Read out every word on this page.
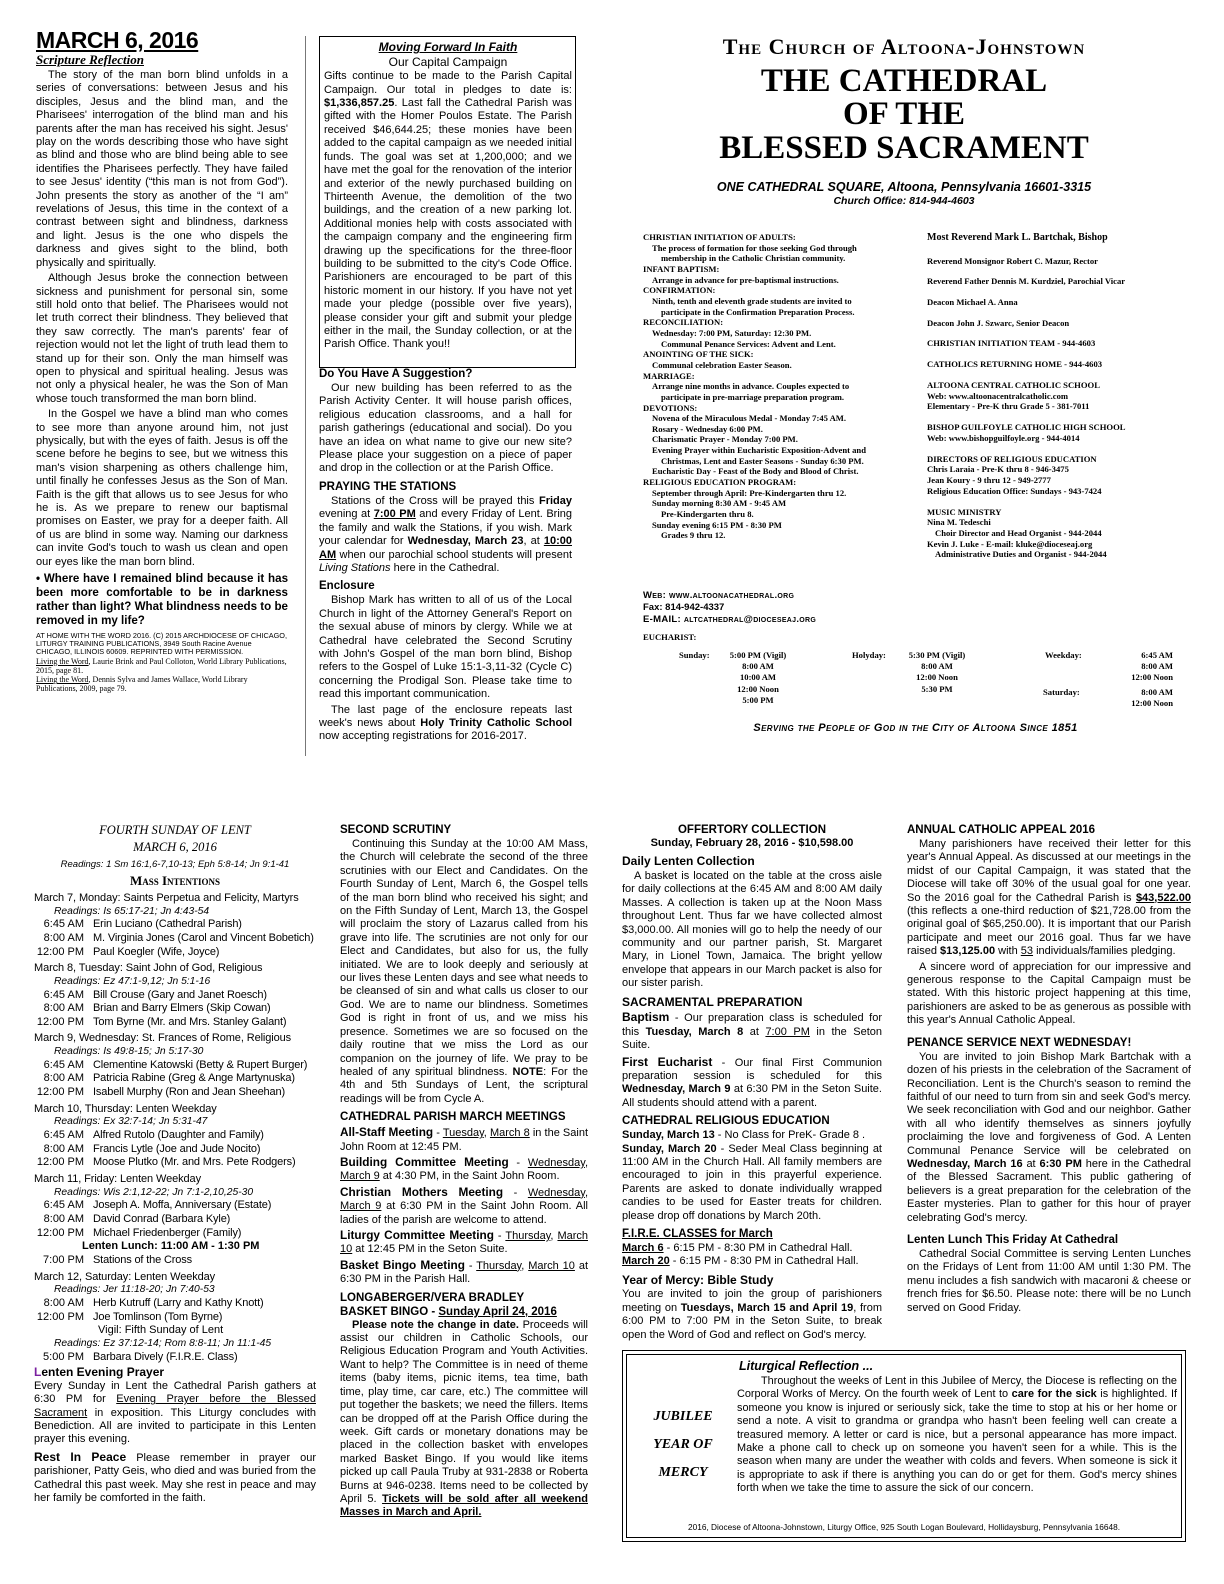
MARCH 6, 2016
Scripture Reflection

The story of the man born blind unfolds in a series of conversations: between Jesus and his disciples, Jesus and the blind man, and the Pharisees' interrogation of the blind man and his parents after the man has received his sight. Jesus' play on the words describing those who have sight as blind and those who are blind being able to see identifies the Pharisees perfectly. They have failed to see Jesus' identity (“this man is not from God”). John presents the story as another of the “I am” revelations of Jesus, this time in the context of a contrast between sight and blindness, darkness and light. Jesus is the one who dispels the darkness and gives sight to the blind, both physically and spiritually.

Although Jesus broke the connection between sickness and punishment for personal sin, some still hold onto that belief. The Pharisees would not let truth correct their blindness. They believed that they saw correctly. The man's parents' fear of rejection would not let the light of truth lead them to stand up for their son. Only the man himself was open to physical and spiritual healing. Jesus was not only a physical healer, he was the Son of Man whose touch transformed the man born blind.

In the Gospel we have a blind man who comes to see more than anyone around him, not just physically, but with the eyes of faith. Jesus is off the scene before he begins to see, but we witness this man's vision sharpening as others challenge him, until finally he confesses Jesus as the Son of Man. Faith is the gift that allows us to see Jesus for who he is. As we prepare to renew our baptismal promises on Easter, we pray for a deeper faith. All of us are blind in some way. Naming our darkness can invite God's touch to wash us clean and open our eyes like the man born blind.

• Where have I remained blind because it has been more comfortable to be in darkness rather than light? What blindness needs to be removed in my life?
AT HOME WITH THE WORD 2016. (C) 2015 ARCHDIOCESE OF CHICAGO, LITURGY TRAINING PUBLICATIONS, 3949 South Racine Avenue CHICAGO, ILLINOIS 60609. REPRINTED WITH PERMISSION.
Living the Word, Laurie Brink and Paul Colloton, World Library Publications, 2015, page 81.
Living the Word, Dennis Sylva and James Wallace, World Library Publications, 2009, page 79.
Moving Forward In Faith
Our Capital Campaign
Gifts continue to be made to the Parish Capital Campaign. Our total in pledges to date is: $1,336,857.25. Last fall the Cathedral Parish was gifted with the Homer Poulos Estate. The Parish received $46,644.25; these monies have been added to the capital campaign as we needed initial funds. The goal was set at 1,200,000; and we have met the goal for the renovation of the interior and exterior of the newly purchased building on Thirteenth Avenue, the demolition of the two buildings, and the creation of a new parking lot. Additional monies help with costs associated with the campaign company and the engineering firm drawing up the specifications for the three-floor building to be submitted to the city's Code Office. Parishioners are encouraged to be part of this historic moment in our history. If you have not yet made your pledge (possible over five years), please consider your gift and submit your pledge either in the mail, the Sunday collection, or at the Parish Office. Thank you!!
Do You Have A Suggestion?

Our new building has been referred to as the Parish Activity Center. It will house parish offices, religious education classrooms, and a hall for parish gatherings (educational and social). Do you have an idea on what name to give our new site? Please place your suggestion on a piece of paper and drop in the collection or at the Parish Office.

PRAYING THE STATIONS

Stations of the Cross will be prayed this Friday evening at 7:00 PM and every Friday of Lent. Bring the family and walk the Stations, if you wish. Mark your calendar for Wednesday, March 23, at 10:00 AM when our parochial school students will present Living Stations here in the Cathedral.

Enclosure

Bishop Mark has written to all of us of the Local Church in light of the Attorney General's Report on the sexual abuse of minors by clergy. While we at Cathedral have celebrated the Second Scrutiny with John's Gospel of the man born blind, Bishop refers to the Gospel of Luke 15:1-3,11-32 (Cycle C) concerning the Prodigal Son. Please take time to read this important communication.

The last page of the enclosure repeats last week's news about Holy Trinity Catholic School now accepting registrations for 2016-2017.

The Church of Altoona-Johnstown
THE CATHEDRAL
OF THE
BLESSED SACRAMENT
ONE CATHEDRAL SQUARE, Altoona, Pennsylvania 16601-3315
Church Office: 814-944-4603
CHRISTIAN INITIATION OF ADULTS:
The process of formation for those seeking God through
membership in the Catholic Christian community.
INFANT BAPTISM:
Arrange in advance for pre-baptismal instructions.
CONFIRMATION:
Ninth, tenth and eleventh grade students are invited to
participate in the Confirmation Preparation Process.
RECONCILIATION:
Wednesday: 7:00 PM, Saturday: 12:30 PM.
Communal Penance Services: Advent and Lent.
ANOINTING OF THE SICK:
Communal celebration Easter Season.
MARRIAGE:
Arrange nine months in advance. Couples expected to
participate in pre-marriage preparation program.
DEVOTIONS:
Novena of the Miraculous Medal - Monday 7:45 AM.
Rosary - Wednesday 6:00 PM.
Charismatic Prayer - Monday 7:00 PM.
Evening Prayer within Eucharistic Exposition-Advent and
Christmas, Lent and Easter Seasons - Sunday 6:30 PM.
Eucharistic Day - Feast of the Body and Blood of Christ.
RELIGIOUS EDUCATION PROGRAM:
September through April: Pre-Kindergarten thru 12.
Sunday morning 8:30 AM - 9:45 AM
Pre-Kindergarten thru 8.
Sunday evening 6:15 PM - 8:30 PM
Grades 9 thru 12.
Web: www.altoonacathedral.org
Fax: 814-942-4337
E-MAIL: altcathedral@dioceseaj.org
Most Reverend Mark L. Bartchak, Bishop
Reverend Monsignor Robert C. Mazur, Rector
Reverend Father Dennis M. Kurdziel, Parochial Vicar
Deacon Michael A. Anna
Deacon John J. Szwarc, Senior Deacon
CHRISTIAN INITIATION TEAM - 944-4603
CATHOLICS RETURNING HOME - 944-4603
ALTOONA CENTRAL CATHOLIC SCHOOL
Web: www.altoonacentralcatholic.com
Elementary - Pre-K thru Grade 5 - 381-7011
BISHOP GUILFOYLE CATHOLIC HIGH SCHOOL
Web: www.bishopguilfoyle.org - 944-4014
DIRECTORS OF RELIGIOUS EDUCATION
Chris Laraia - Pre-K thru 8 - 946-3475
Jean Koury - 9 thru 12 - 949-2777
Religious Education Office: Sundays - 943-7424
MUSIC MINISTRY
Nina M. Tedeschi
Choir Director and Head Organist - 944-2044
Kevin J. Luke - E-mail: kluke@dioceseaj.org
Administrative Duties and Organist - 944-2044
EUCHARIST:
Sunday:	5:00 PM (Vigil)
8:00 AM
10:00 AM
12:00 Noon
5:00 PM
Holyday:	5:30 PM (Vigil)
8:00 AM
12:00 Noon
5:30 PM
Weekday:	6:45 AM
8:00 AM
12:00 Noon
Saturday:	8:00 AM
12:00 Noon
Serving the People of God in the City of Altoona Since 1851
FOURTH SUNDAY OF LENT
MARCH 6, 2016
Readings: 1 Sm 16:1,6-7,10-13; Eph 5:8-14; Jn 9:1-41
Mass Intentions
March 7, Monday: Saints Perpetua and Felicity, Martyrs
Readings: Is 65:17-21; Jn 4:43-54
6:45 AM Erin Luciano (Cathedral Parish)
8:00 AM M. Virginia Jones (Carol and Vincent Bobetich)
12:00 PM Paul Koegler (Wife, Joyce)
March 8, Tuesday: Saint John of God, Religious
Readings: Ez 47:1-9,12; Jn 5:1-16
6:45 AM Bill Crouse (Gary and Janet Roesch)
8:00 AM Brian and Barry Elmers (Skip Cowan)
12:00 PM Tom Byrne (Mr. and Mrs. Stanley Galant)
March 9, Wednesday: St. Frances of Rome, Religious
Readings: Is 49:8-15; Jn 5:17-30
6:45 AM Clementine Katowski (Betty & Rupert Burger)
8:00 AM Patricia Rabine (Greg & Ange Martynuska)
12:00 PM Isabell Murphy (Ron and Jean Sheehan)
March 10, Thursday: Lenten Weekday
Readings: Ex 32:7-14; Jn 5:31-47
6:45 AM Alfred Rutolo (Daughter and Family)
8:00 AM Francis Lytle (Joe and Jude Nocito)
12:00 PM Moose Plutko (Mr. and Mrs. Pete Rodgers)
March 11, Friday: Lenten Weekday
Readings: Wis 2:1,12-22; Jn 7:1-2,10,25-30
6:45 AM Joseph A. Moffa, Anniversary (Estate)
8:00 AM David Conrad (Barbara Kyle)
12:00 PM Michael Friedenberger (Family)
Lenten Lunch: 11:00 AM - 1:30 PM
7:00 PM Stations of the Cross
March 12, Saturday: Lenten Weekday
Readings: Jer 11:18-20; Jn 7:40-53
8:00 AM Herb Kutruff (Larry and Kathy Knott)
12:00 PM Joe Tomlinson (Tom Byrne)
Vigil: Fifth Sunday of Lent
Readings: Ez 37:12-14; Rom 8:8-11; Jn 11:1-45
5:00 PM Barbara Dively (F.I.R.E. Class)
Lenten Evening Prayer
Every Sunday in Lent the Cathedral Parish gathers at 6:30 PM for Evening Prayer before the Blessed Sacrament in exposition. This Liturgy concludes with Benediction. All are invited to participate in this Lenten prayer this evening.
Rest In Peace Please remember in prayer our parishioner, Patty Geis, who died and was buried from the Cathedral this past week. May she rest in peace and may her family be comforted in the faith.
SECOND SCRUTINY

Continuing this Sunday at the 10:00 AM Mass, the Church will celebrate the second of the three scrutinies with our Elect and Candidates. On the Fourth Sunday of Lent, March 6, the Gospel tells of the man born blind who received his sight; and on the Fifth Sunday of Lent, March 13, the Gospel will proclaim the story of Lazarus called from his grave into life. The scrutinies are not only for our Elect and Candidates, but also for us, the fully initiated. We are to look deeply and seriously at our lives these Lenten days and see what needs to be cleansed of sin and what calls us closer to our God. We are to name our blindness. Sometimes God is right in front of us, and we miss his presence. Sometimes we are so focused on the daily routine that we miss the Lord as our companion on the journey of life. We pray to be healed of any spiritual blindness. NOTE: For the 4th and 5th Sundays of Lent, the scriptural readings will be from Cycle A.

CATHEDRAL PARISH MARCH MEETINGS
All-Staff Meeting - Tuesday, March 8 in the Saint John Room at 12:45 PM.
Building Committee Meeting - Wednesday, March 9 at 4:30 PM, in the Saint John Room.
Christian Mothers Meeting - Wednesday, March 9 at 6:30 PM in the Saint John Room. All ladies of the parish are welcome to attend.
Liturgy Committee Meeting - Thursday, March 10 at 12:45 PM in the Seton Suite.
Basket Bingo Meeting - Thursday, March 10 at 6:30 PM in the Parish Hall.
LONGABERGER/VERA BRADLEY
BASKET BINGO - Sunday April 24, 2016

Please note the change in date. Proceeds will assist our children in Catholic Schools, our Religious Education Program and Youth Activities. Want to help? The Committee is in need of theme items (baby items, picnic items, tea time, bath time, play time, car care, etc.) The committee will put together the baskets; we need the fillers. Items can be dropped off at the Parish Office during the week. Gift cards or monetary donations may be placed in the collection basket with envelopes marked Basket Bingo. If you would like items picked up call Paula Truby at 931-2838 or Roberta Burns at 946-0238. Items need to be collected by April 5. Tickets will be sold after all weekend Masses in March and April.

OFFERTORY COLLECTION
Sunday, February 28, 2016 - $10,598.00
Daily Lenten Collection

A basket is located on the table at the cross aisle for daily collections at the 6:45 AM and 8:00 AM daily Masses. A collection is taken up at the Noon Mass throughout Lent. Thus far we have collected almost $3,000.00. All monies will go to help the needy of our community and our partner parish, St. Margaret Mary, in Lionel Town, Jamaica. The bright yellow envelope that appears in our March packet is also for our sister parish.

SACRAMENTAL PREPARATION

Baptism - Our preparation class is scheduled for this Tuesday, March 8 at 7:00 PM in the Seton Suite.

First Eucharist - Our final First Communion preparation session is scheduled for this Wednesday, March 9 at 6:30 PM in the Seton Suite. All students should attend with a parent.

CATHEDRAL RELIGIOUS EDUCATION

Sunday, March 13 - No Class for PreK- Grade 8 .
Sunday, March 20 - Seder Meal Class beginning at 11:00 AM in the Church Hall. All family members are encouraged to join in this prayerful experience. Parents are asked to donate individually wrapped candies to be used for Easter treats for children. please drop off donations by March 20th.

F.I.R.E. CLASSES for March
March 6 - 6:15 PM - 8:30 PM in Cathedral Hall.
March 20 - 6:15 PM - 8:30 PM in Cathedral Hall.
Year of Mercy: Bible Study

You are invited to join the group of parishioners meeting on Tuesdays, March 15 and April 19, from 6:00 PM to 7:00 PM in the Seton Suite, to break open the Word of God and reflect on God's mercy.

ANNUAL CATHOLIC APPEAL 2016

Many parishioners have received their letter for this year's Annual Appeal. As discussed at our meetings in the midst of our Capital Campaign, it was stated that the Diocese will take off 30% of the usual goal for one year. So the 2016 goal for the Cathedral Parish is $43,522.00 (this reflects a one-third reduction of $21,728.00 from the original goal of $65,250.00). It is important that our Parish participate and meet our 2016 goal. Thus far we have raised $13,125.00 with 53 individuals/families pledging.

A sincere word of appreciation for our impressive and generous response to the Capital Campaign must be stated. With this historic project happening at this time, parishioners are asked to be as generous as possible with this year's Annual Catholic Appeal.

PENANCE SERVICE NEXT WEDNESDAY!

You are invited to join Bishop Mark Bartchak with a dozen of his priests in the celebration of the Sacrament of Reconciliation. Lent is the Church's season to remind the faithful of our need to turn from sin and seek God's mercy. We seek reconciliation with God and our neighbor. Gather with all who identify themselves as sinners joyfully proclaiming the love and forgiveness of God. A Lenten Communal Penance Service will be celebrated on Wednesday, March 16 at 6:30 PM here in the Cathedral of the Blessed Sacrament. This public gathering of believers is a great preparation for the celebration of the Easter mysteries. Plan to gather for this hour of prayer celebrating God's mercy.

Lenten Lunch This Friday At Cathedral

Cathedral Social Committee is serving Lenten Lunches on the Fridays of Lent from 11:00 AM until 1:30 PM. The menu includes a fish sandwich with macaroni & cheese or french fries for $6.50. Please note: there will be no Lunch served on Good Friday.

Liturgical Reflection ...
JUBILEE
YEAR OF
MERCY
Throughout the weeks of Lent in this Jubilee of Mercy, the Diocese is reflecting on the Corporal Works of Mercy. On the fourth week of Lent to care for the sick is highlighted. If someone you know is injured or seriously sick, take the time to stop at his or her home or send a note. A visit to grandma or grandpa who hasn't been feeling well can create a treasured memory. A letter or card is nice, but a personal appearance has more impact. Make a phone call to check up on someone you haven't seen for a while. This is the season when many are under the weather with colds and fevers. When someone is sick it is appropriate to ask if there is anything you can do or get for them. God's mercy shines forth when we take the time to assure the sick of our concern.
2016, Diocese of Altoona-Johnstown, Liturgy Office, 925 South Logan Boulevard, Hollidaysburg, Pennsylvania 16648.
